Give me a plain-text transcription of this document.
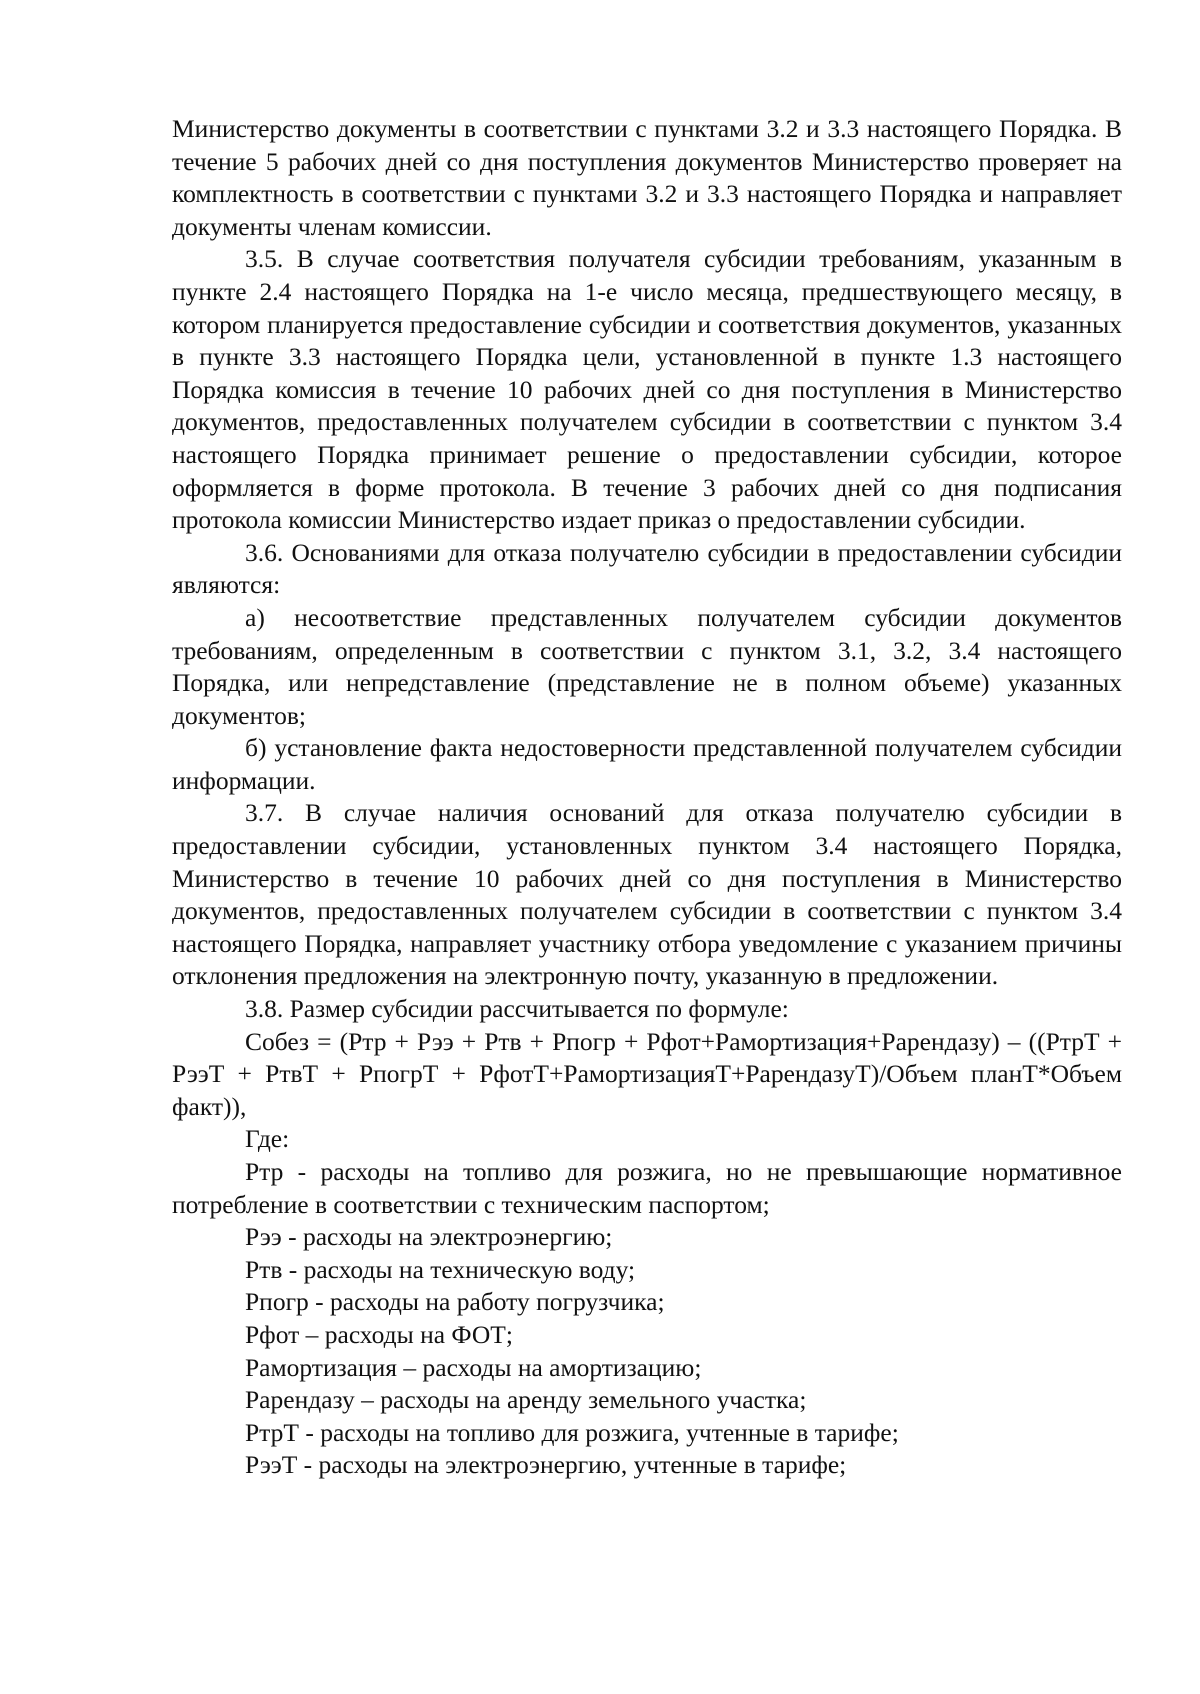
Министерство документы в соответствии с пунктами 3.2 и 3.3 настоящего Порядка. В течение 5 рабочих дней со дня поступления документов Министерство проверяет на комплектность в соответствии с пунктами 3.2 и 3.3 настоящего Порядка и направляет документы членам комиссии.

3.5. В случае соответствия получателя субсидии требованиям, указанным в пункте 2.4 настоящего Порядка на 1-е число месяца, предшествующего месяцу, в котором планируется предоставление субсидии и соответствия документов, указанных в пункте 3.3 настоящего Порядка цели, установленной в пункте 1.3 настоящего Порядка комиссия в течение 10 рабочих дней со дня поступления в Министерство документов, предоставленных получателем субсидии в соответствии с пунктом 3.4 настоящего Порядка принимает решение о предоставлении субсидии, которое оформляется в форме протокола. В течение 3 рабочих дней со дня подписания протокола комиссии Министерство издает приказ о предоставлении субсидии.

3.6. Основаниями для отказа получателю субсидии в предоставлении субсидии являются:

а) несоответствие представленных получателем субсидии документов требованиям, определенным в соответствии с пунктом 3.1, 3.2, 3.4 настоящего Порядка, или непредставление (представление не в полном объеме) указанных документов;

б) установление факта недостоверности представленной получателем субсидии информации.

3.7. В случае наличия оснований для отказа получателю субсидии в предоставлении субсидии, установленных пунктом 3.4 настоящего Порядка, Министерство в течение 10 рабочих дней со дня поступления в Министерство документов, предоставленных получателем субсидии в соответствии с пунктом 3.4 настоящего Порядка, направляет участнику отбора уведомление с указанием причины отклонения предложения на электронную почту, указанную в предложении.

3.8. Размер субсидии рассчитывается по формуле:

Собез = (Ртр + Рээ + Ртв + Рпогр + Рфот+Рамортизация+Рарендазу) – ((РтрТ + РээТ + РтвТ + РпогрТ + РфотТ+РамортизацияТ+РарендазуТ)/Объем планТ*Объем факт)),

Где:

Ртр - расходы на топливо для розжига, но не превышающие нормативное потребление в соответствии с техническим паспортом;

Рээ - расходы на электроэнергию;

Ртв - расходы на техническую воду;

Рпогр - расходы на работу погрузчика;

Рфот – расходы на ФОТ;

Рамортизация – расходы на амортизацию;

Рарендазу – расходы на аренду земельного участка;

РтрТ - расходы на топливо для розжига, учтенные в тарифе;

РээТ - расходы на электроэнергию, учтенные в тарифе;
